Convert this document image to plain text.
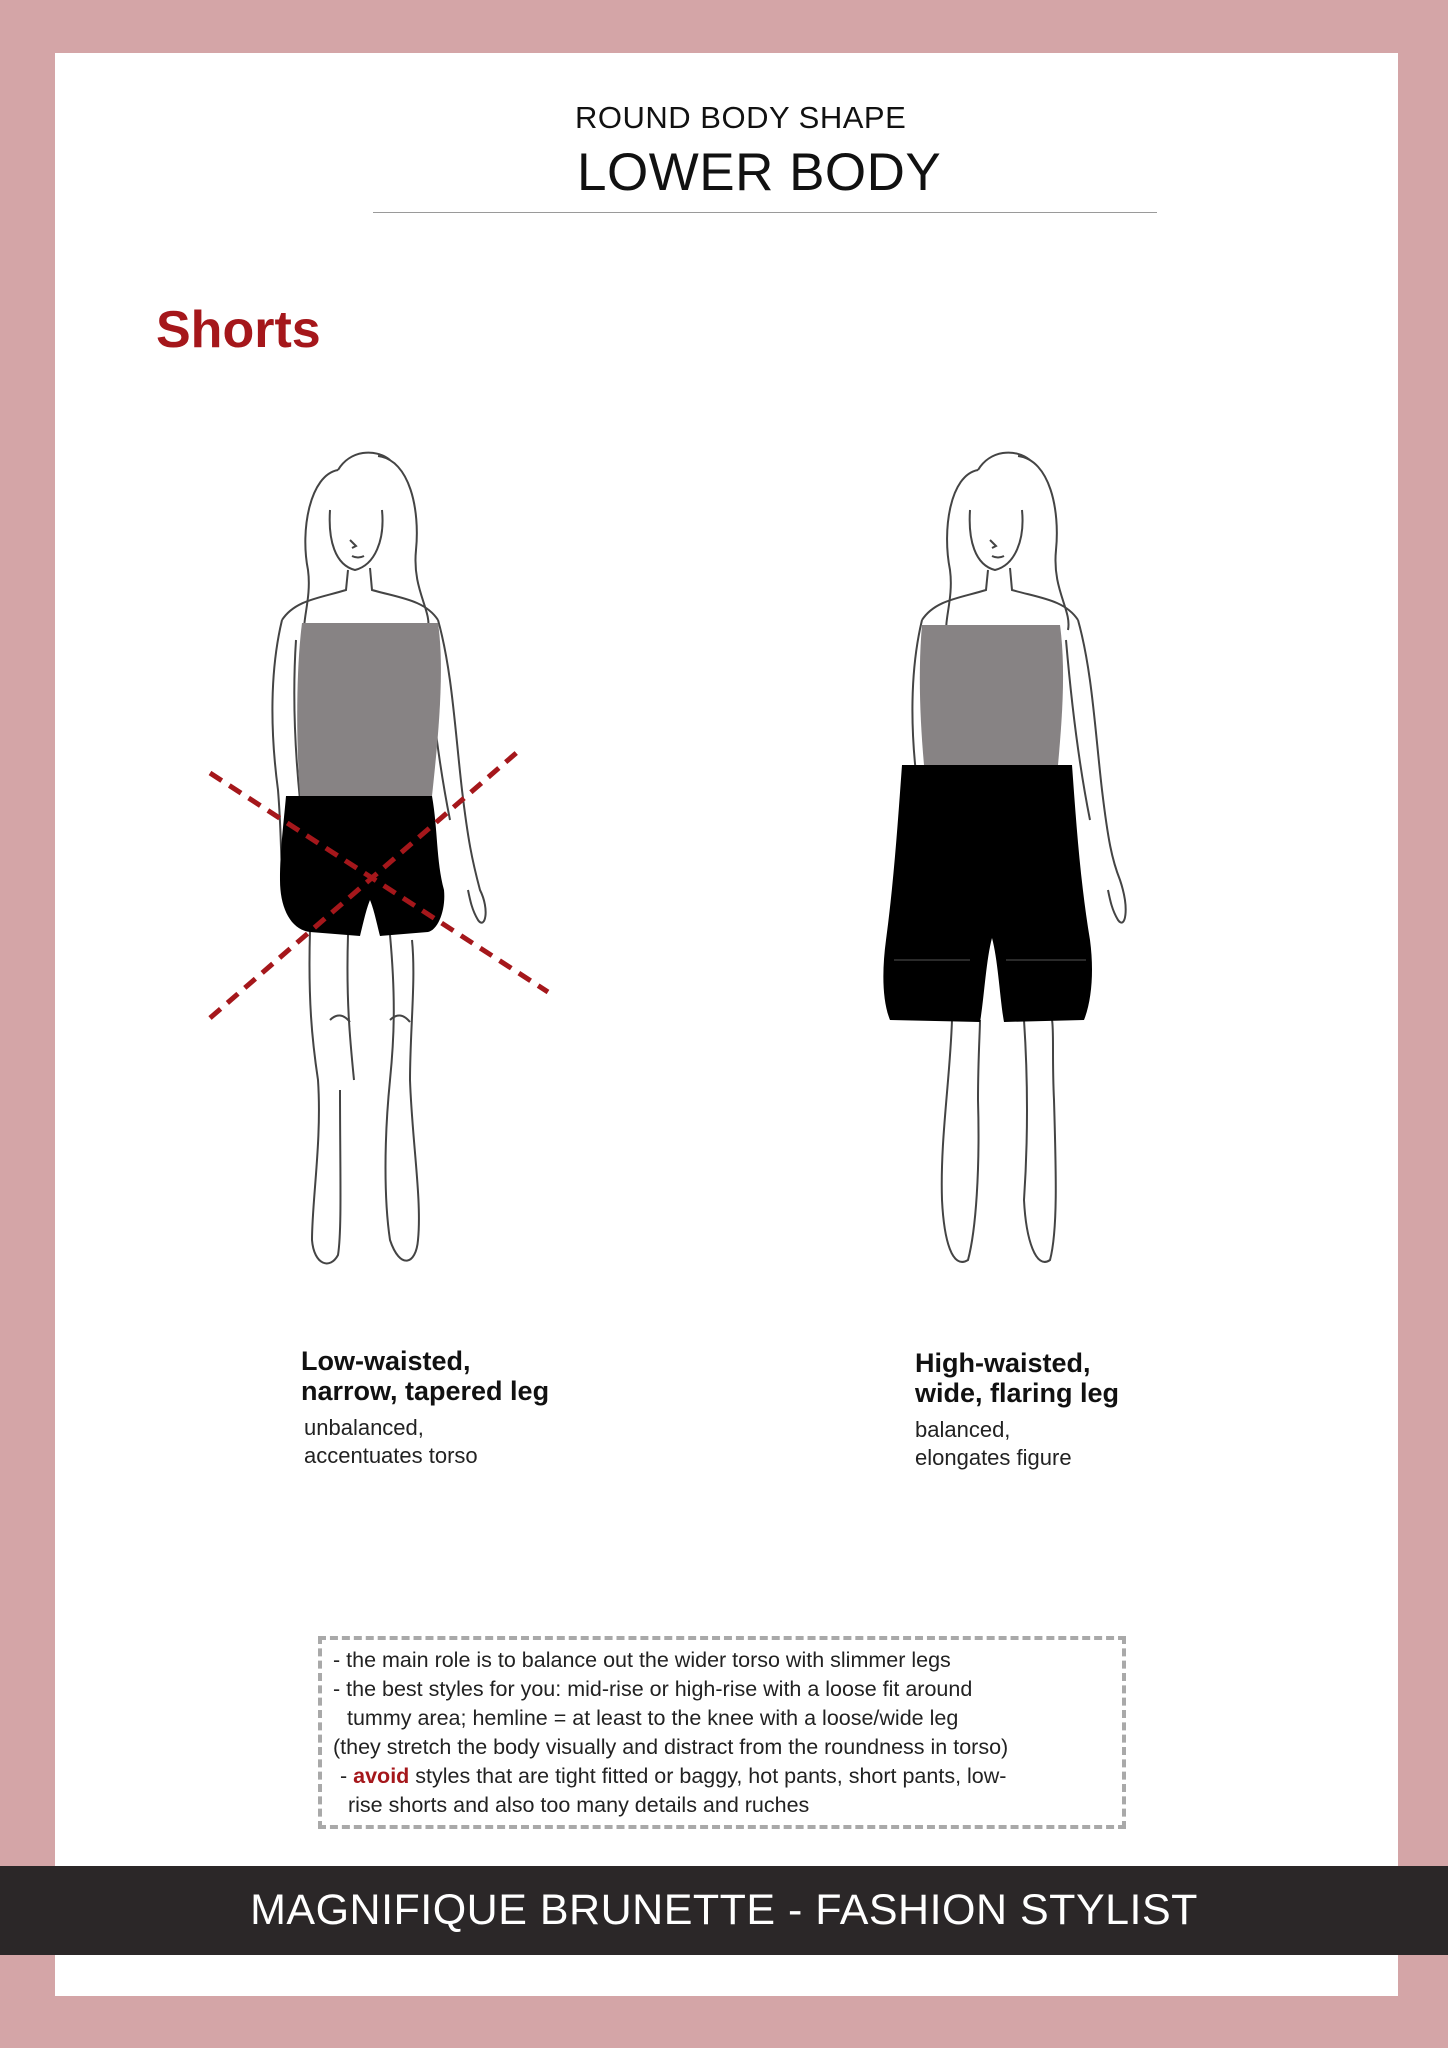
ROUND BODY SHAPE
LOWER BODY
Shorts
Low-waisted,
narrow, tapered leg
unbalanced,
accentuates torso
High-waisted,
wide, flaring leg
balanced,
elongates figure
- the main role is to balance out the wider torso with slimmer legs
- the best styles for you: mid-rise or high-rise with a loose fit around
tummy area; hemline = at least to the knee with a loose/wide leg
(they stretch the body visually and distract from the roundness in torso)
- avoid styles that are tight fitted or baggy, hot pants, short pants, low-
rise shorts and also too many details and ruches
MAGNIFIQUE BRUNETTE - FASHION STYLIST
